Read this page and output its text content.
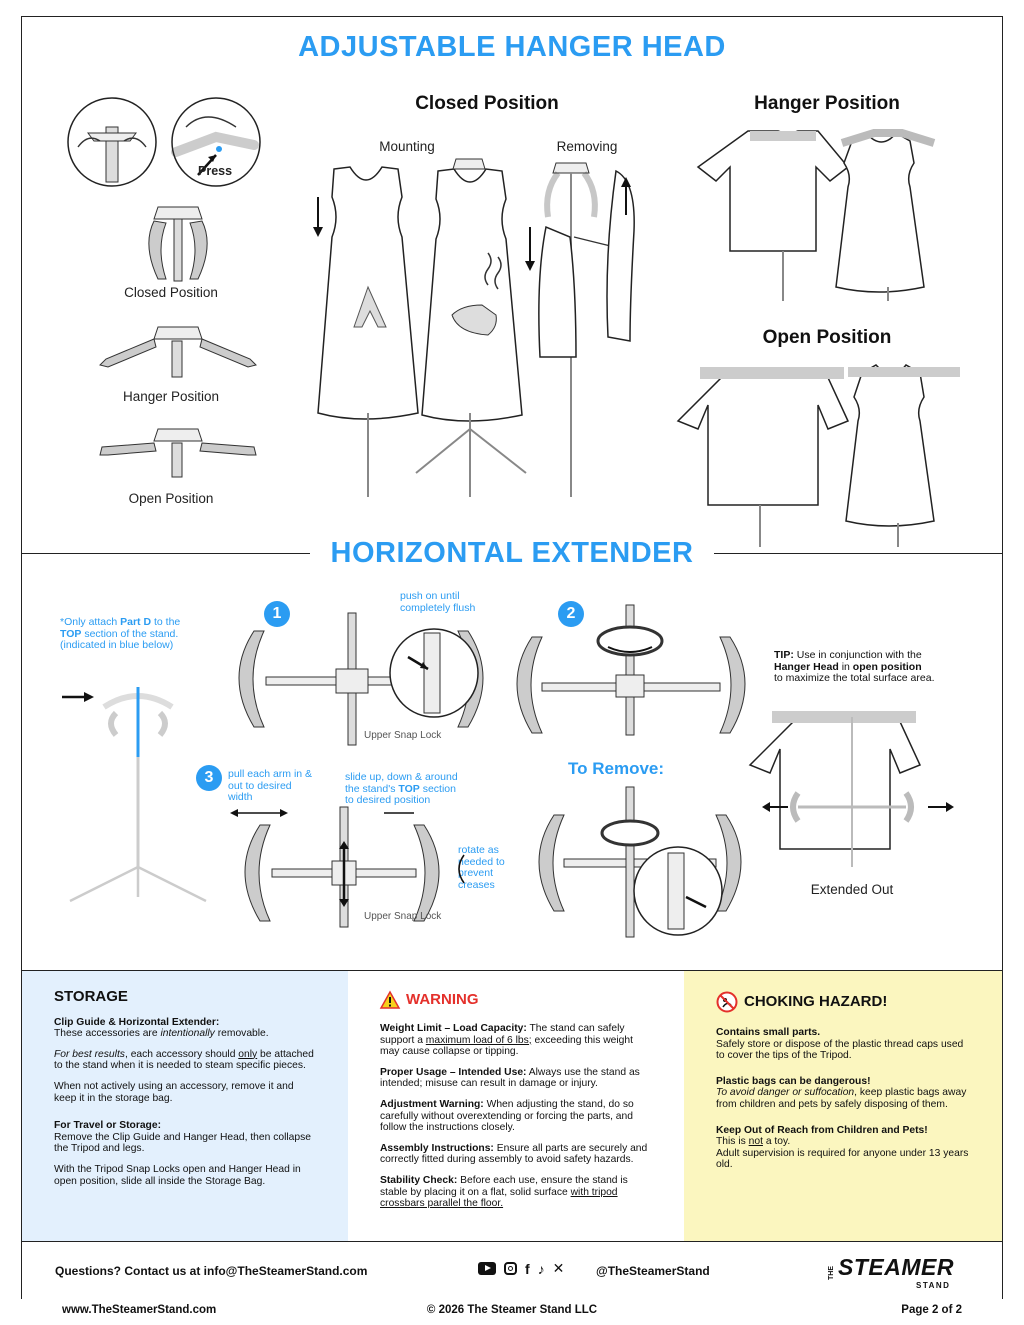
ADJUSTABLE HANGER HEAD
Press
Closed Position
Hanger Position
Open Position
Closed Position
Mounting	Removing
Hanger Position
Open Position
HORIZONTAL EXTENDER
*Only attach Part D to the
TOP section of the stand.
(indicated in blue below)
1
push on until completely flush
Upper Snap Lock
2
TIP: Use in conjunction with the
Hanger Head in open position
to maximize the total surface area.
Extended Out
3	pull each arm in & out to desired width
slide up, down & around
the stand's TOP section
to desired position
rotate as needed to prevent creases
Upper Snap Lock
To Remove:
STORAGE

Clip Guide & Horizontal Extender:
These accessories are intentionally removable.

For best results, each accessory should only be attached to the stand when it is needed to steam specific pieces.

When not actively using an accessory, remove it and keep it in the storage bag.

For Travel or Storage:
Remove the Clip Guide and Hanger Head, then collapse the Tripod and legs.

With the Tripod Snap Locks open and Hanger Head in open position, slide all inside the Storage Bag.

WARNING

Weight Limit – Load Capacity: The stand can safely support a maximum load of 6 lbs; exceeding this weight may cause collapse or tipping.

Proper Usage – Intended Use: Always use the stand as intended; misuse can result in damage or injury.

Adjustment Warning: When adjusting the stand, do so carefully without overextending or forcing the parts, and follow the instructions closely.

Assembly Instructions: Ensure all parts are securely and correctly fitted during assembly to avoid safety hazards.

Stability Check: Before each use, ensure the stand is stable by placing it on a flat, solid surface with tripod crossbars parallel the floor.

CHOKING HAZARD!

Contains small parts.
Safely store or dispose of the plastic thread caps used to cover the tips of the Tripod.

Plastic bags can be dangerous!
To avoid danger or suffocation, keep plastic bags away from children and pets by safely disposing of them.

Keep Out of Reach from Children and Pets!
This is not a toy.
Adult supervision is required for anyone under 13 years old.

Questions? Contact us at info@TheSteamerStand.com	f ♪ ✕	@TheSteamerStand	THE STEAMER
STAND
www.TheSteamerStand.com	© 2026 The Steamer Stand LLC	Page 2 of 2
